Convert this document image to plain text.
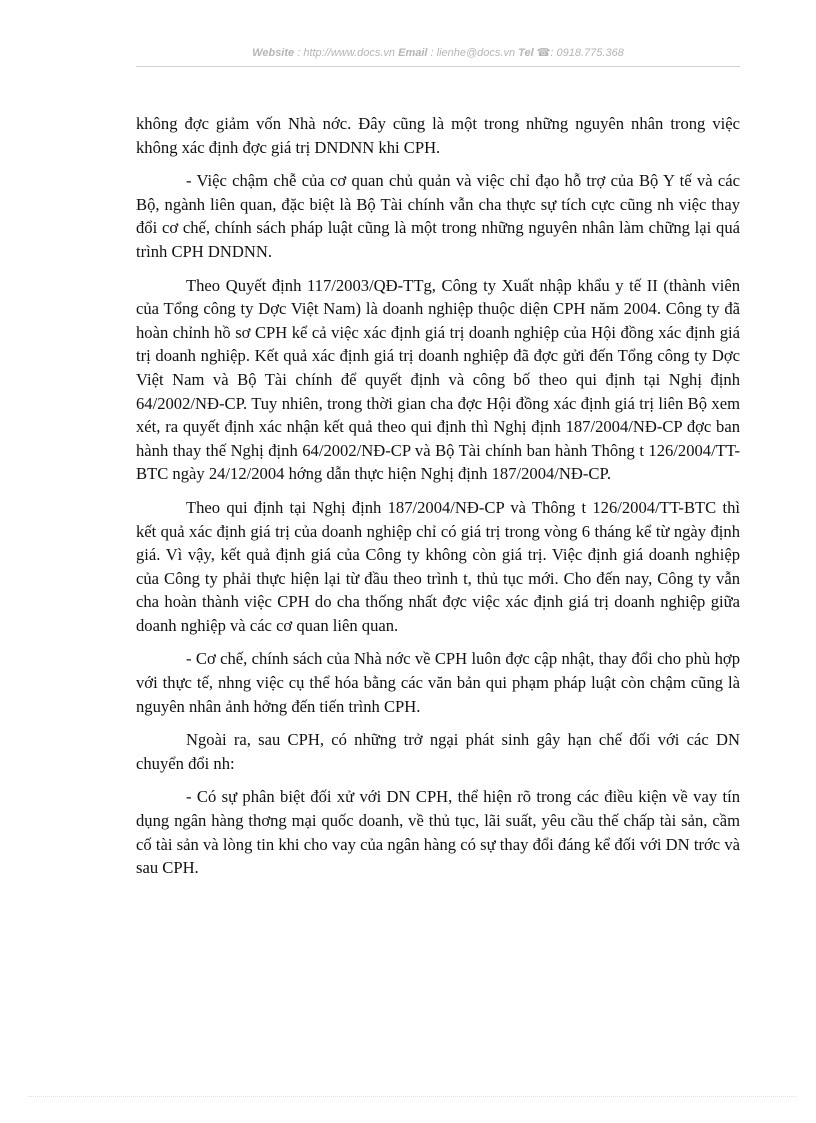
Website : http://www.docs.vn Email : lienhe@docs.vn Tel ☎: 0918.775.368

không đợc giảm vốn Nhà nớc. Đây cũng là một trong những nguyên nhân trong việc không xác định đợc giá trị DNDNN khi CPH.

- Việc chậm chễ của cơ quan chủ quản và việc chỉ đạo hỗ trợ của Bộ Y tế và các Bộ, ngành liên quan, đặc biệt là Bộ Tài chính vẫn cha thực sự tích cực cũng nh việc thay đổi cơ chế, chính sách pháp luật cũng là một trong những nguyên nhân làm chững lại quá trình CPH DNDNN.

Theo Quyết định 117/2003/QĐ-TTg, Công ty Xuất nhập khẩu y tế II (thành viên của Tổng công ty Dợc Việt Nam) là doanh nghiệp thuộc diện CPH năm 2004. Công ty đã hoàn chỉnh hồ sơ CPH kể cả việc xác định giá trị doanh nghiệp của Hội đồng xác định giá trị doanh nghiệp. Kết quả xác định giá trị doanh nghiệp đã đợc gửi đến Tổng công ty Dợc Việt Nam và Bộ Tài chính để quyết định và công bố theo qui định tại Nghị định 64/2002/NĐ-CP. Tuy nhiên, trong thời gian cha đợc Hội đồng xác định giá trị liên Bộ xem xét, ra quyết định xác nhận kết quả theo qui định thì Nghị định 187/2004/NĐ-CP đợc ban hành thay thế Nghị định 64/2002/NĐ-CP và Bộ Tài chính ban hành Thông t 126/2004/TT-BTC ngày 24/12/2004 hớng dẫn thực hiện Nghị định 187/2004/NĐ-CP.

Theo qui định tại Nghị định 187/2004/NĐ-CP và Thông t 126/2004/TT-BTC thì kết quả xác định giá trị của doanh nghiệp chỉ có giá trị trong vòng 6 tháng kể từ ngày định giá. Vì vậy, kết quả định giá của Công ty không còn giá trị. Việc định giá doanh nghiệp của Công ty phải thực hiện lại từ đầu theo trình t, thủ tục mới. Cho đến nay, Công ty vẫn cha hoàn thành việc CPH do cha thống nhất đợc việc xác định giá trị doanh nghiệp giữa doanh nghiệp và các cơ quan liên quan.

- Cơ chế, chính sách của Nhà nớc về CPH luôn đợc cập nhật, thay đổi cho phù hợp với thực tế, nhng việc cụ thể hóa bằng các văn bản qui phạm pháp luật còn chậm cũng là nguyên nhân ảnh hởng đến tiến trình CPH.

Ngoài ra, sau CPH, có những trở ngại phát sinh gây hạn chế đối với các DN chuyển đổi nh:

- Có sự phân biệt đối xử với DN CPH, thể hiện rõ trong các điều kiện về vay tín dụng ngân hàng thơng mại quốc doanh, về thủ tục, lãi suất, yêu cầu thế chấp tài sản, cầm cố tài sản và lòng tin khi cho vay của ngân hàng có sự thay đổi đáng kể đối với DN trớc và sau CPH.
